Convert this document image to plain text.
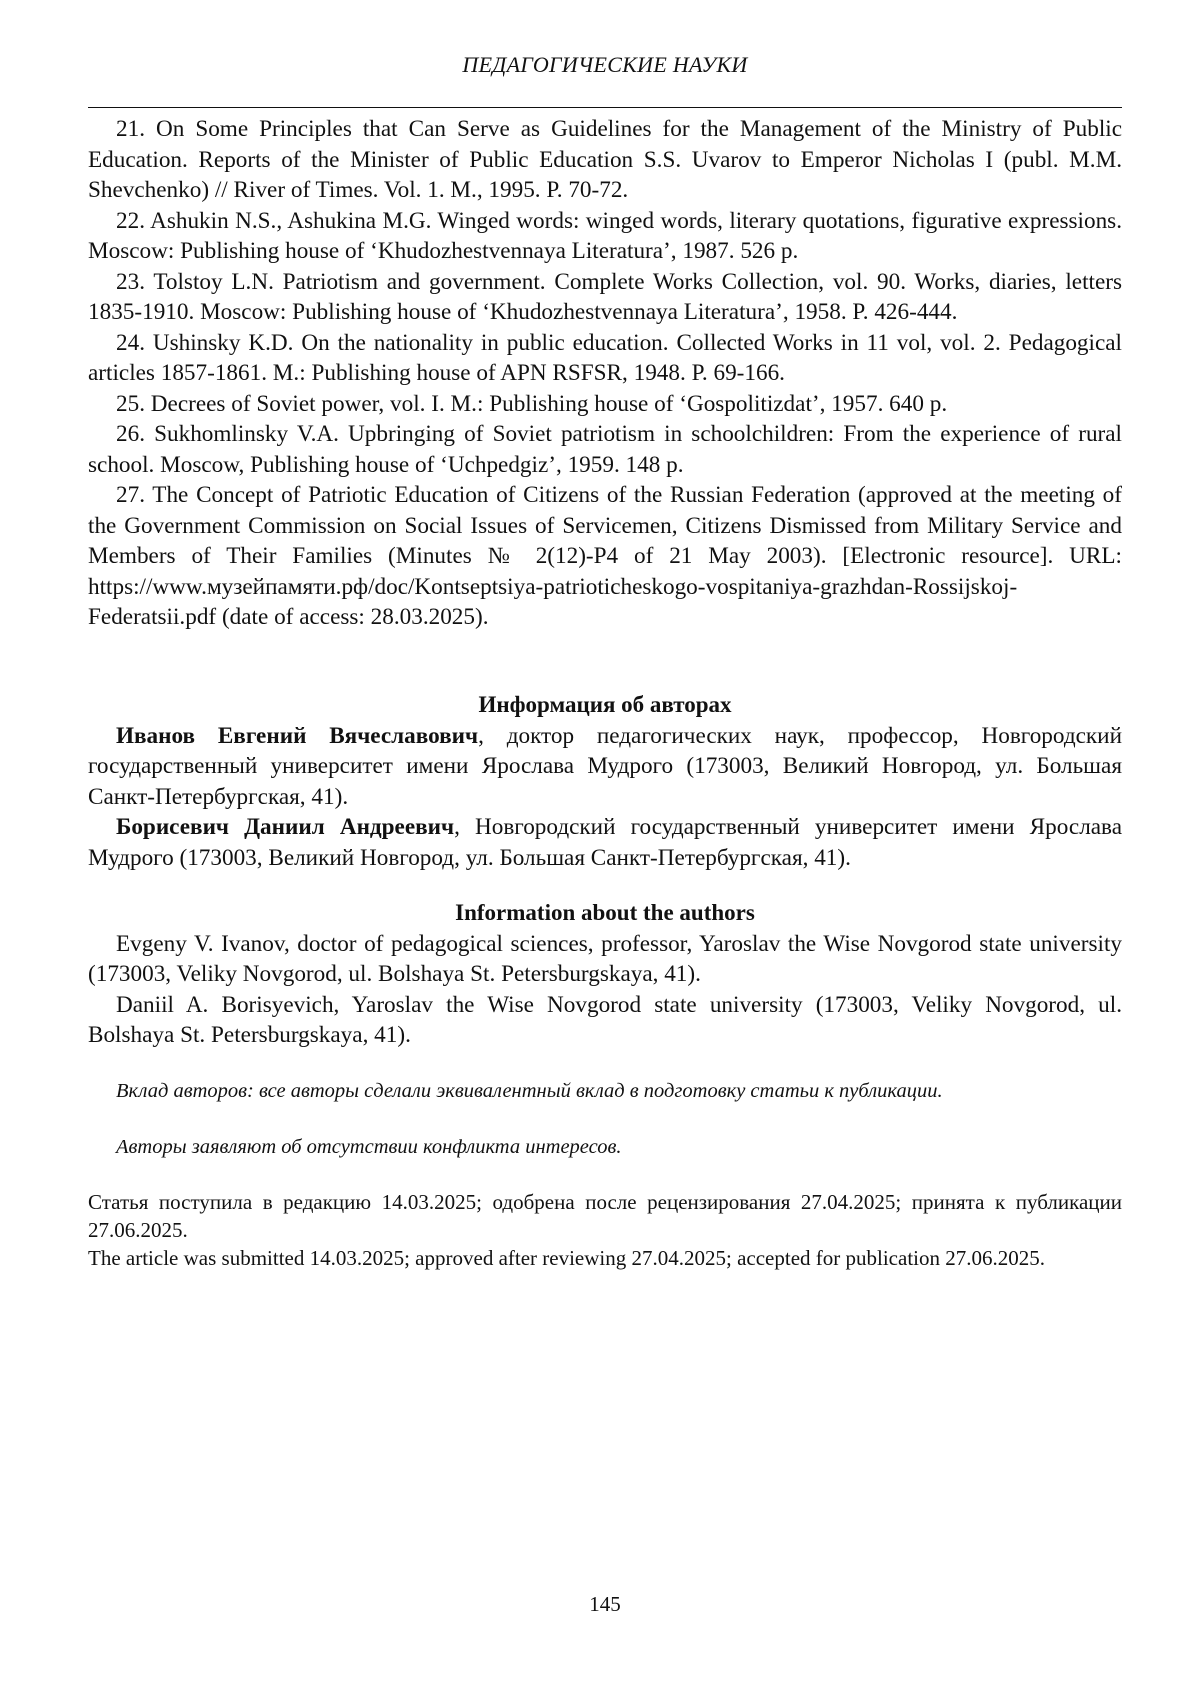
ПЕДАГОГИЧЕСКИЕ НАУКИ

21. On Some Principles that Can Serve as Guidelines for the Management of the Ministry of Public Education. Reports of the Minister of Public Education S.S. Uvarov to Emperor Nicholas I (publ. M.M. Shevchenko) // River of Times. Vol. 1. M., 1995. P. 70-72.

22. Ashukin N.S., Ashukina M.G. Winged words: winged words, literary quotations, figurative expressions. Moscow: Publishing house of ‘Khudozhestvennaya Literatura’, 1987. 526 p.

23. Tolstoy L.N. Patriotism and government. Complete Works Collection, vol. 90. Works, diaries, letters 1835-1910. Moscow: Publishing house of ‘Khudozhestvennaya Literatura’, 1958. P. 426-444.

24. Ushinsky K.D. On the nationality in public education. Collected Works in 11 vol, vol. 2. Pedagogical articles 1857-1861. M.: Publishing house of APN RSFSR, 1948. P. 69-166.

25. Decrees of Soviet power, vol. I. M.: Publishing house of ‘Gospolitizdat’, 1957. 640 p.

26. Sukhomlinsky V.A. Upbringing of Soviet patriotism in schoolchildren: From the experience of rural school. Moscow, Publishing house of ‘Uchpedgiz’, 1959. 148 p.

27. The Concept of Patriotic Education of Citizens of the Russian Federation (approved at the meeting of the Government Commission on Social Issues of Servicemen, Citizens Dismissed from Military Service and Members of Their Families (Minutes № 2(12)-P4 of 21 May 2003). [Electronic resource]. URL: https://www.музейпамяти.рф/doc/Kontseptsiya-patrioticheskogo-vospitaniya-grazhdan-Rossijskoj-Federatsii.pdf (date of access: 28.03.2025).

Информация об авторах

Иванов Евгений Вячеславович, доктор педагогических наук, профессор, Новгородский государственный университет имени Ярослава Мудрого (173003, Великий Новгород, ул. Большая Санкт-Петербургская, 41).

Борисевич Даниил Андреевич, Новгородский государственный университет имени Ярослава Мудрого (173003, Великий Новгород, ул. Большая Санкт-Петербургская, 41).

Information about the authors

Evgeny V. Ivanov, doctor of pedagogical sciences, professor, Yaroslav the Wise Novgorod state university (173003, Veliky Novgorod, ul. Bolshaya St. Petersburgskaya, 41).

Daniil A. Borisyevich, Yaroslav the Wise Novgorod state university (173003, Veliky Novgorod, ul. Bolshaya St. Petersburgskaya, 41).

Вклад авторов: все авторы сделали эквивалентный вклад в подготовку статьи к публикации.
Авторы заявляют об отсутствии конфликта интересов.

Статья поступила в редакцию 14.03.2025; одобрена после рецензирования 27.04.2025; принята к публикации 27.06.2025.

The article was submitted 14.03.2025; approved after reviewing 27.04.2025; accepted for publication 27.06.2025.

145
